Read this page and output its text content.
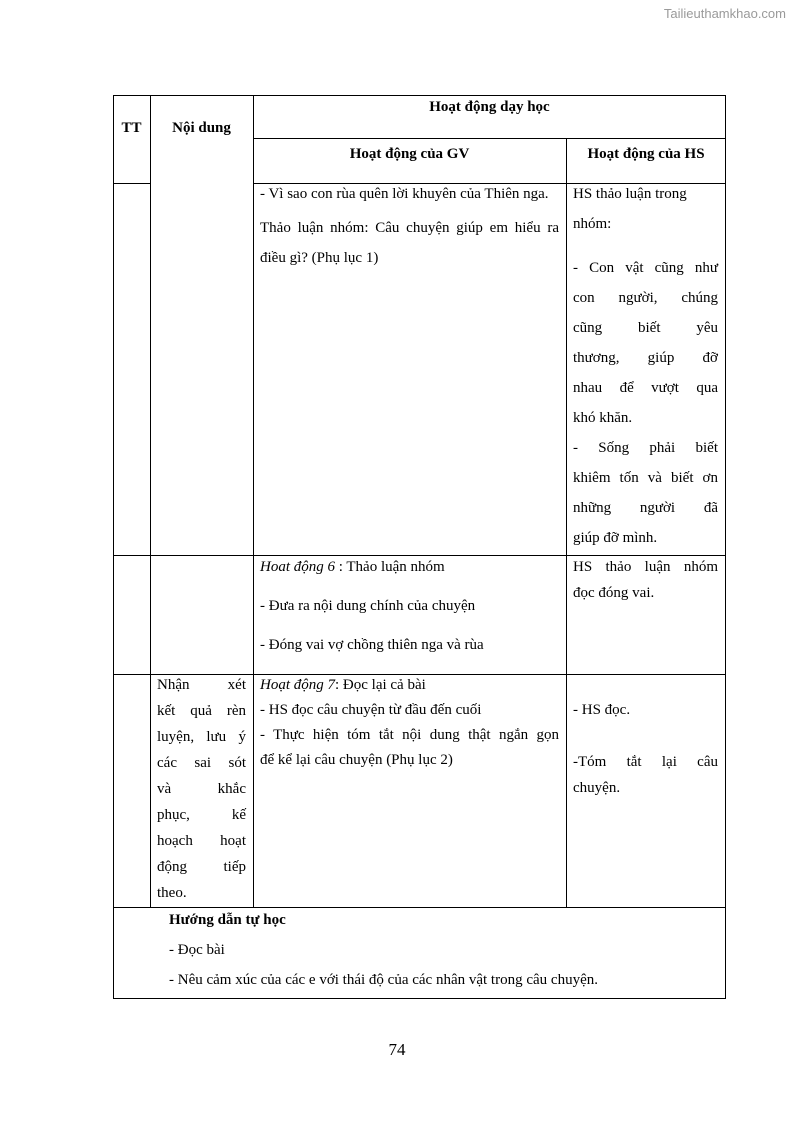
Tailieuthamkhao.com
TT	Nội dung
Hoạt động dạy học
Hoạt động của GV	Hoạt động của HS

- Vì sao con rùa quên lời khuyên của Thiên nga.

Thảo luận nhóm: Câu chuyện giúp em hiểu ra điều gì? (Phụ lục 1)

HS thảo luận trong

nhóm:

- Con vật cũng như

con người, chúng

cũng biết yêu

thương, giúp đỡ

nhau để vượt qua

khó khăn.

- Sống phải biết

khiêm tốn và biết ơn

những người đã

giúp đỡ mình.

Hoat động 6 : Thảo luận nhóm

- Đưa ra nội dung chính của chuyện

- Đóng vai vợ chồng thiên nga và rùa

HS thảo luận nhóm

đọc đóng vai.

Nhận xét

kết quả rèn

luyện, lưu ý

các sai sót

và khắc

phục, kế

hoạch hoạt

động tiếp

theo.

Hoạt động 7: Đọc lại cả bài

- HS đọc câu chuyện từ đầu đến cuối

- Thực hiện tóm tắt nội dung thật ngắn gọn

để kể lại câu chuyện (Phụ lục 2)

- HS đọc.

-Tóm tắt lại câu

chuyện.

Hướng dẫn tự học

- Đọc bài

- Nêu cảm xúc của các e với thái độ của các nhân vật trong câu chuyện.

74
